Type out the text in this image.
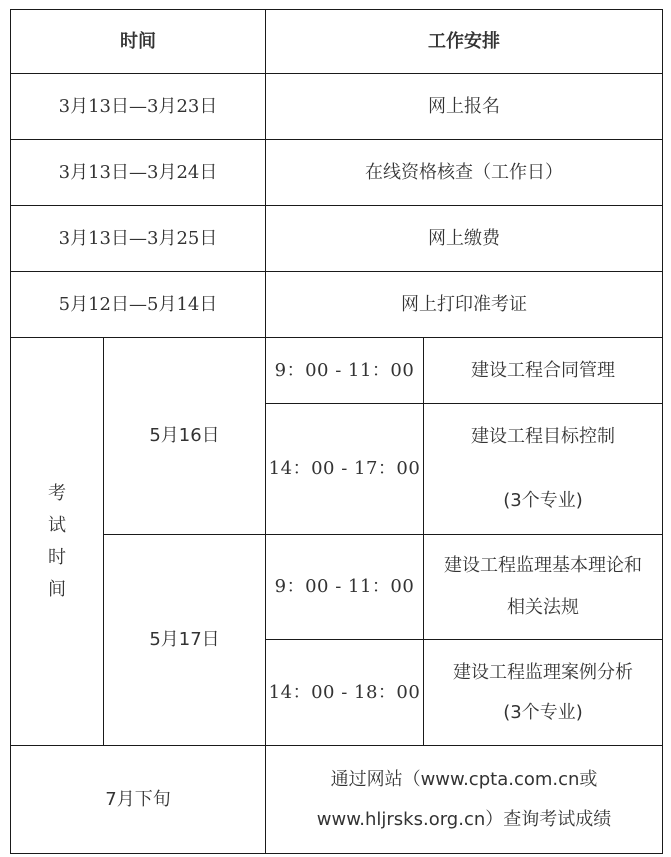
时间		工作安排	
3月13日—3月23日		网上报名	
3月13日—3月24日		在线资格核查（工作日）	
3月13日—3月25日		网上缴费	
5月12日—5月14日		网上打印准考证	

考
试
时
间	5月16日	9：00 - 11：00	建设工程合同管理

		14：00 - 17：00	建设工程目标控制
(3个专业)

	5月17日	9：00 - 11：00	建设工程监理基本理论和
相关法规

		14：00 - 18：00	建设工程监理案例分析
(3个专业)

7月下旬		通过网站（www.cpta.com.cn或
www.hljrsks.org.cn）查询考试成绩	
